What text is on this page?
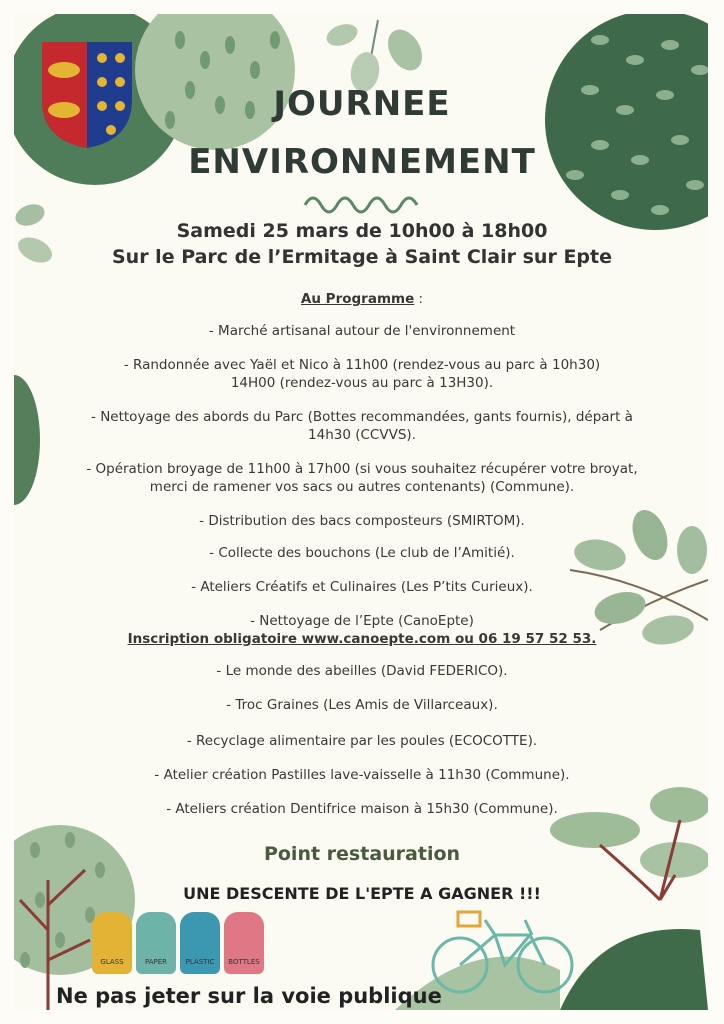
JOURNEE
ENVIRONNEMENT
Samedi 25 mars de 10h00 à 18h00
Sur le Parc de l’Ermitage à Saint Clair sur Epte
Au Programme :
- Marché artisanal autour de l'environnement
- Randonnée avec Yaël et Nico à 11h00 (rendez-vous au parc à 10h30)
14H00 (rendez-vous au parc à 13H30).
- Nettoyage des abords du Parc (Bottes recommandées, gants fournis), départ à
14h30 (CCVVS).
- Opération broyage de 11h00 à 17h00 (si vous souhaitez récupérer votre broyat,
merci de ramener vos sacs ou autres contenants) (Commune).
- Distribution des bacs composteurs (SMIRTOM).
- Collecte des bouchons (Le club de l’Amitié).
- Ateliers Créatifs et Culinaires (Les P’tits Curieux).
- Nettoyage de l’Epte (CanoEpte)
Inscription obligatoire www.canoepte.com ou 06 19 57 52 53.
- Le monde des abeilles (David FEDERICO).
- Troc Graines (Les Amis de Villarceaux).
- Recyclage alimentaire par les poules (ECOCOTTE).
- Atelier création Pastilles lave-vaisselle à 11h30 (Commune).
- Ateliers création Dentifrice maison à 15h30 (Commune).
Point restauration
UNE DESCENTE DE L'EPTE A GAGNER !!!
GLASS	PAPER	PLASTIC	BOTTLES
Ne pas jeter sur la voie publique
